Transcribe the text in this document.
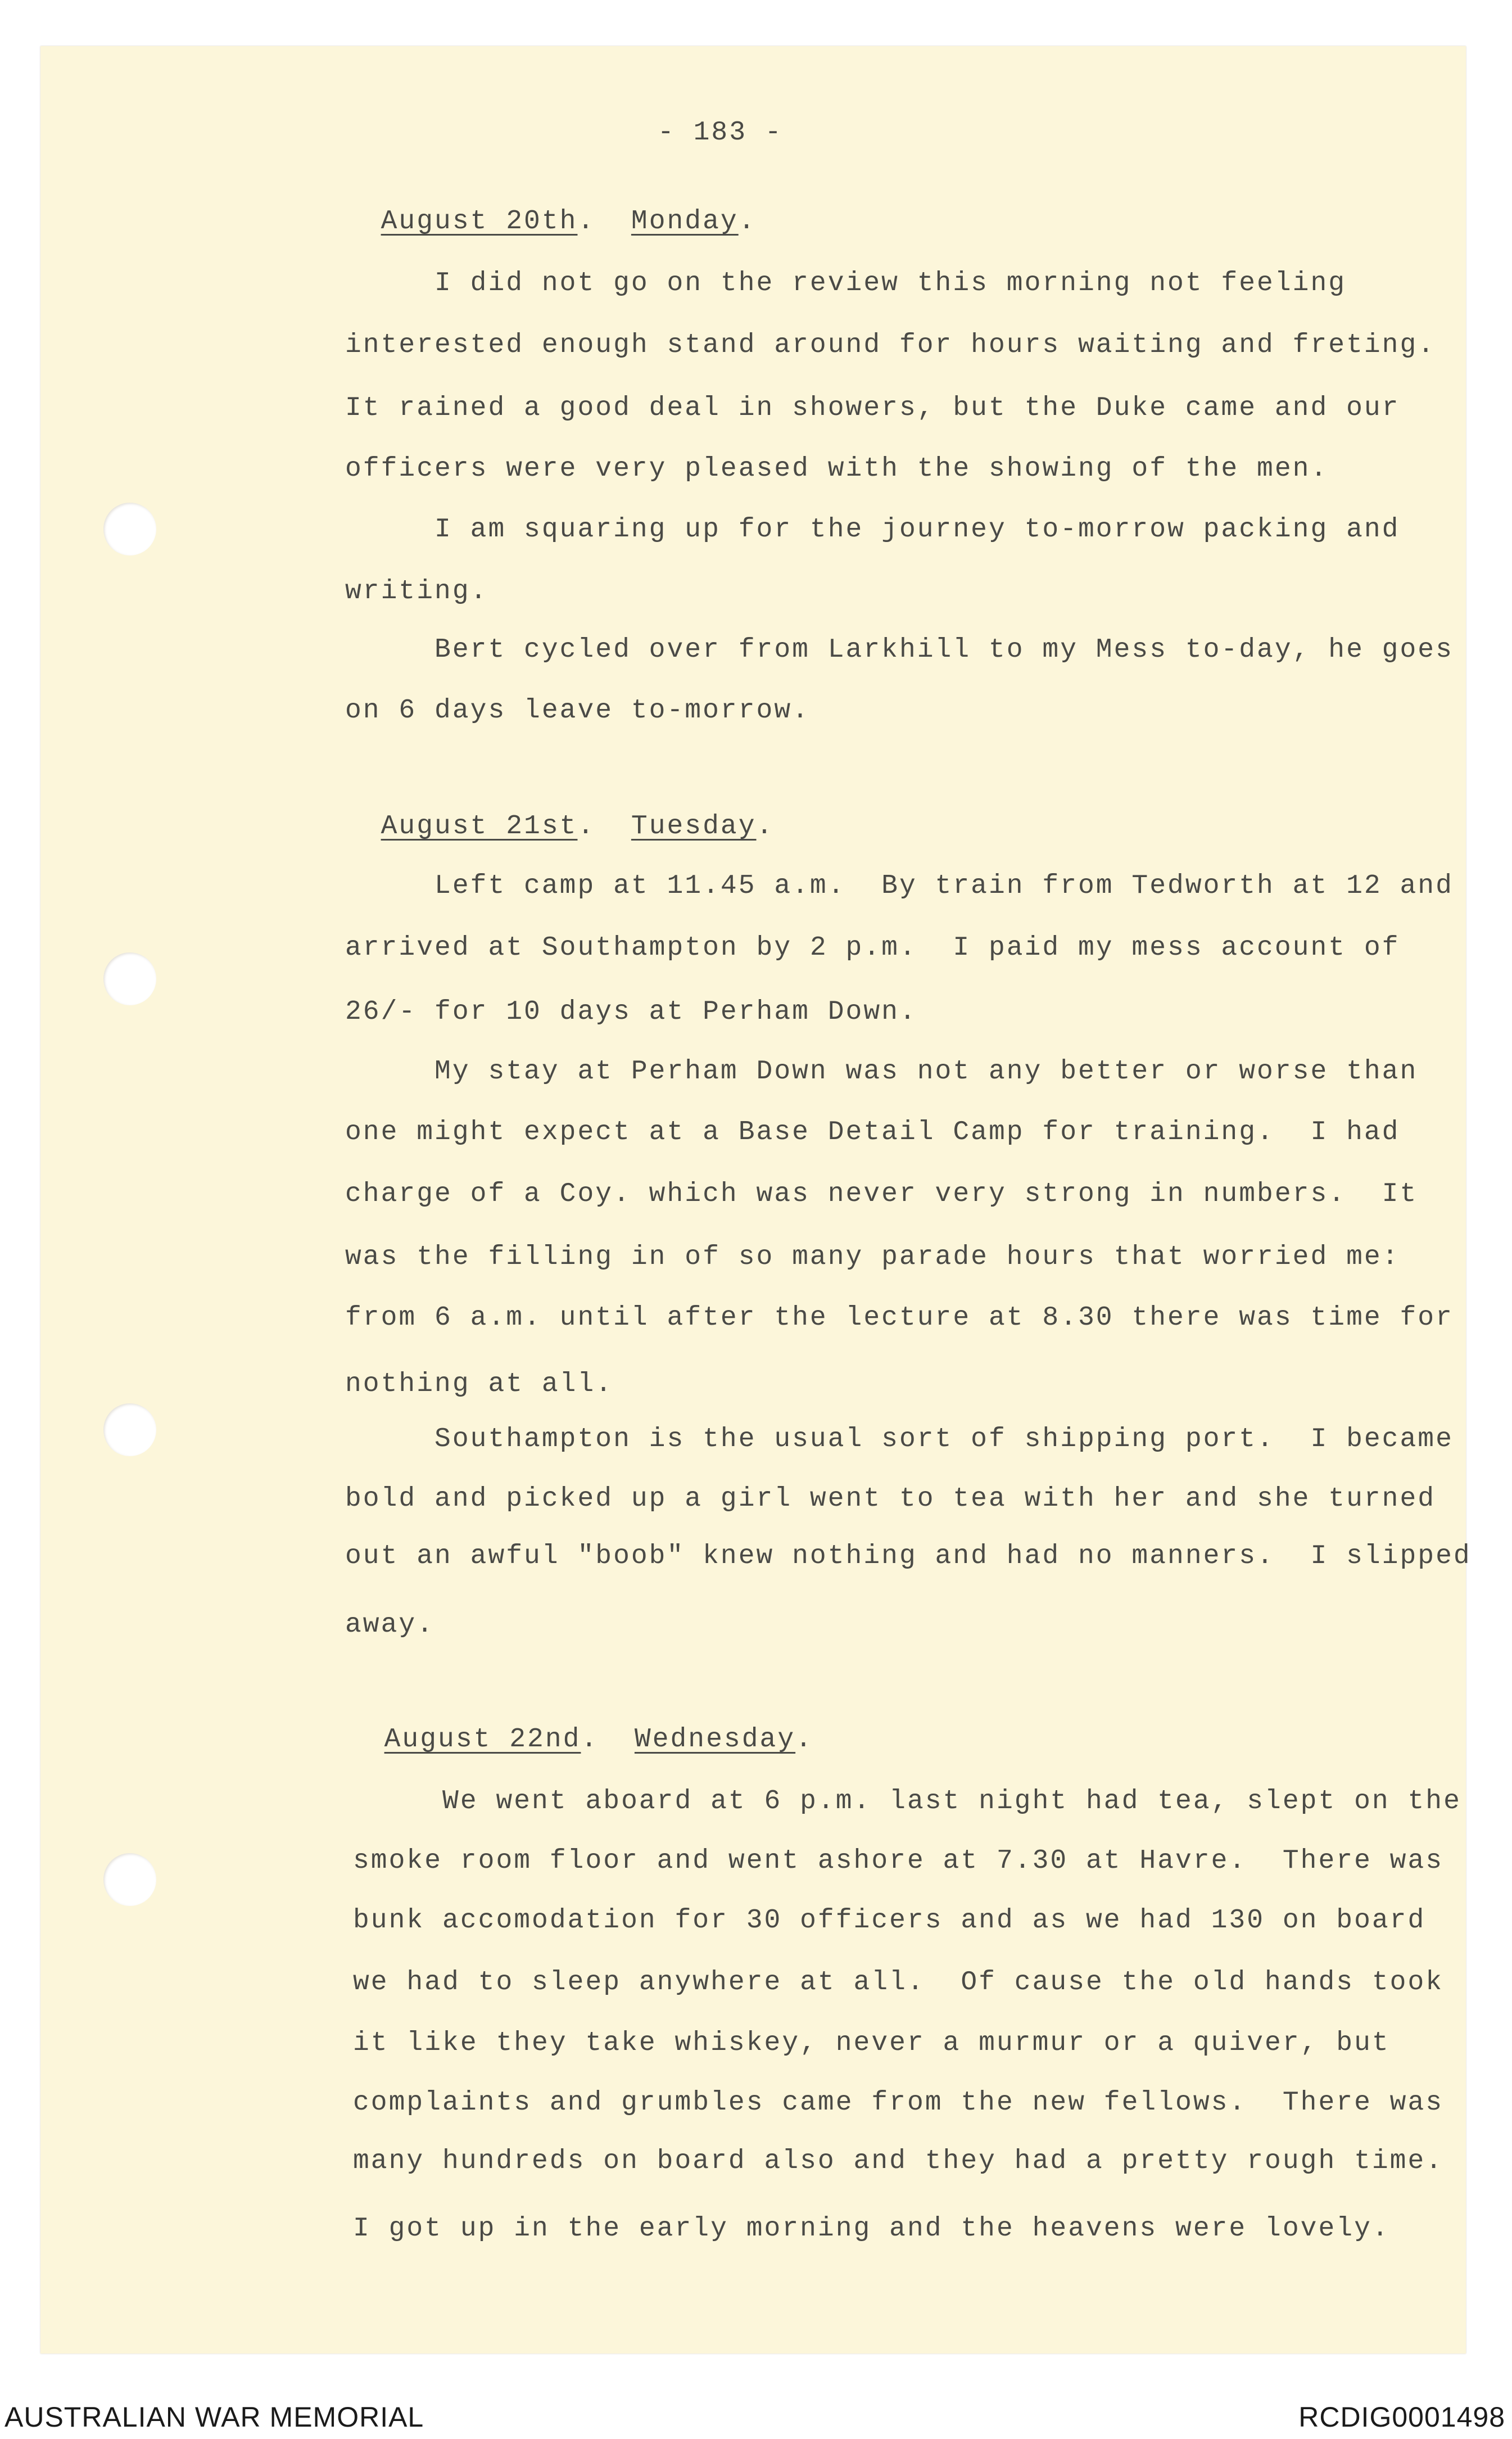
- 183 -

August 20th.  Monday.

I did not go on the review this morning not feeling
interested enough stand around for hours waiting and freting.
It rained a good deal in showers, but the Duke came and our
officers were very pleased with the showing of the men.
I am squaring up for the journey to-morrow packing and
writing.
Bert cycled over from Larkhill to my Mess to-day, he goes
on 6 days leave to-morrow.

August 21st.  Tuesday.

Left camp at 11.45 a.m.  By train from Tedworth at 12 and
arrived at Southampton by 2 p.m.  I paid my mess account of
26/- for 10 days at Perham Down.
My stay at Perham Down was not any better or worse than
one might expect at a Base Detail Camp for training.  I had
charge of a Coy. which was never very strong in numbers.  It
was the filling in of so many parade hours that worried me:
from 6 a.m. until after the lecture at 8.30 there was time for
nothing at all.
Southampton is the usual sort of shipping port.  I became
bold and picked up a girl went to tea with her and she turned
out an awful "boob" knew nothing and had no manners.  I slipped
away.

August 22nd.  Wednesday.

We went aboard at 6 p.m. last night had tea, slept on the
smoke room floor and went ashore at 7.30 at Havre.  There was
bunk accomodation for 30 officers and as we had 130 on board
we had to sleep anywhere at all.  Of cause the old hands took
it like they take whiskey, never a murmur or a quiver, but
complaints and grumbles came from the new fellows.  There was
many hundreds on board also and they had a pretty rough time.
I got up in the early morning and the heavens were lovely.
AUSTRALIAN WAR MEMORIAL	RCDIG0001498
